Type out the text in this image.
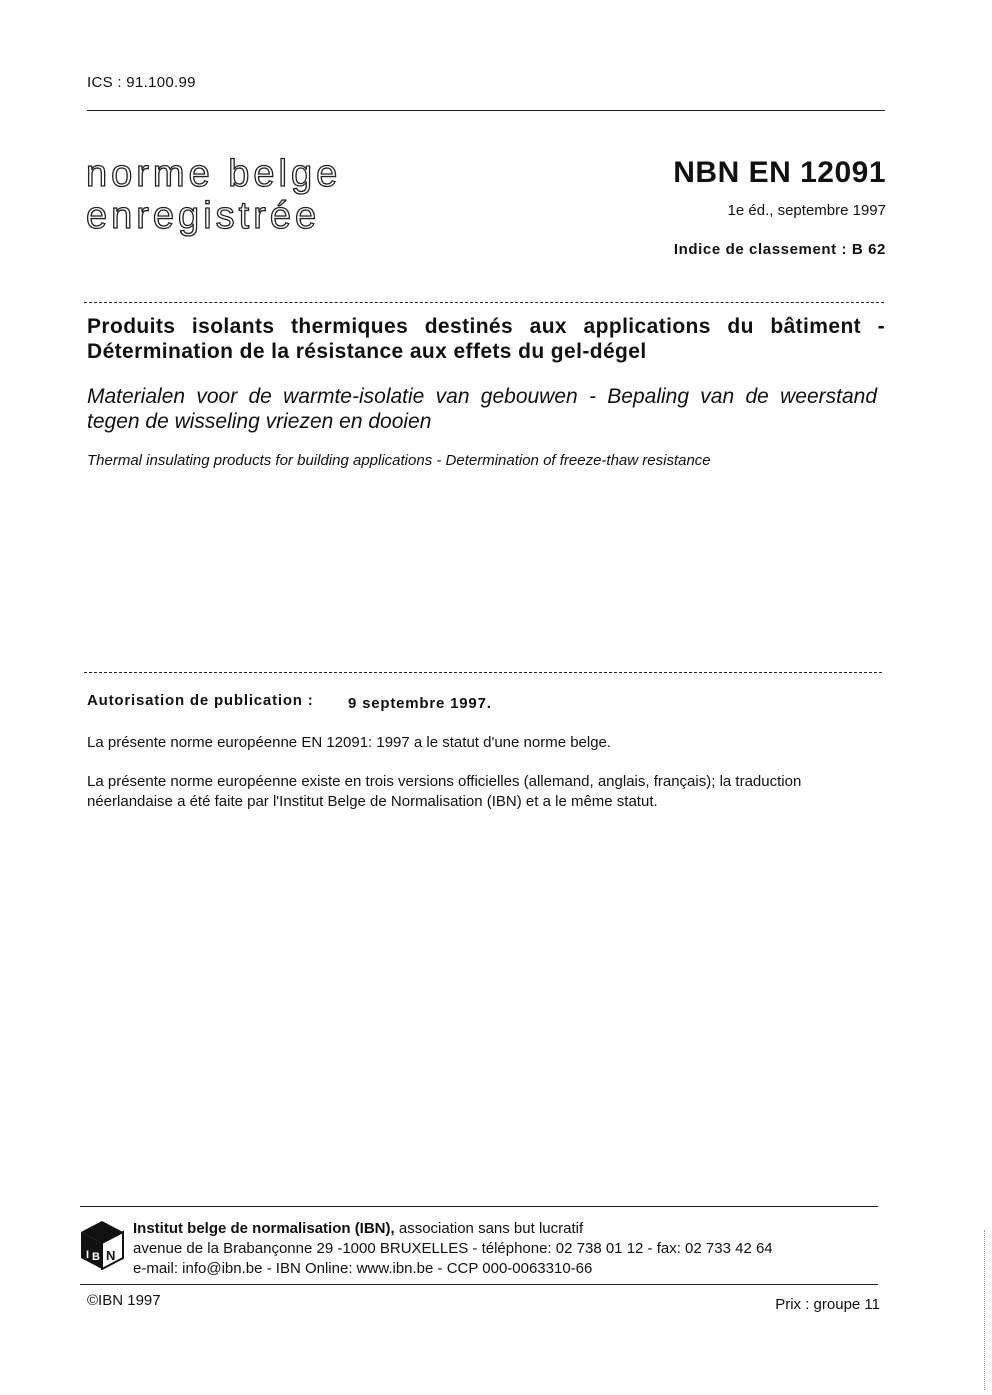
ICS : 91.100.99
norme belge
enregistrée
NBN EN 12091
1e éd., septembre 1997
Indice de classement : B 62
Produits isolants thermiques destinés aux applications du bâtiment - Détermination de la résistance aux effets du gel-dégel
Materialen voor de warmte-isolatie van gebouwen - Bepaling van de weerstand tegen de wisseling vriezen en dooien
Thermal insulating products for building applications - Determination of freeze-thaw resistance
Autorisation de publication : 9 septembre 1997.
La présente norme européenne EN 12091: 1997 a le statut d'une norme belge.
La présente norme européenne existe en trois versions officielles (allemand, anglais, français); la traduction néerlandaise a été faite par l'Institut Belge de Normalisation (IBN) et a le même statut.
I B N
Institut belge de normalisation (IBN), association sans but lucratif
avenue de la Brabançonne 29 -1000 BRUXELLES - téléphone: 02 738 01 12 - fax: 02 733 42 64
e-mail: info@ibn.be - IBN Online: www.ibn.be - CCP 000-0063310-66
©IBN 1997	Prix : groupe 11
